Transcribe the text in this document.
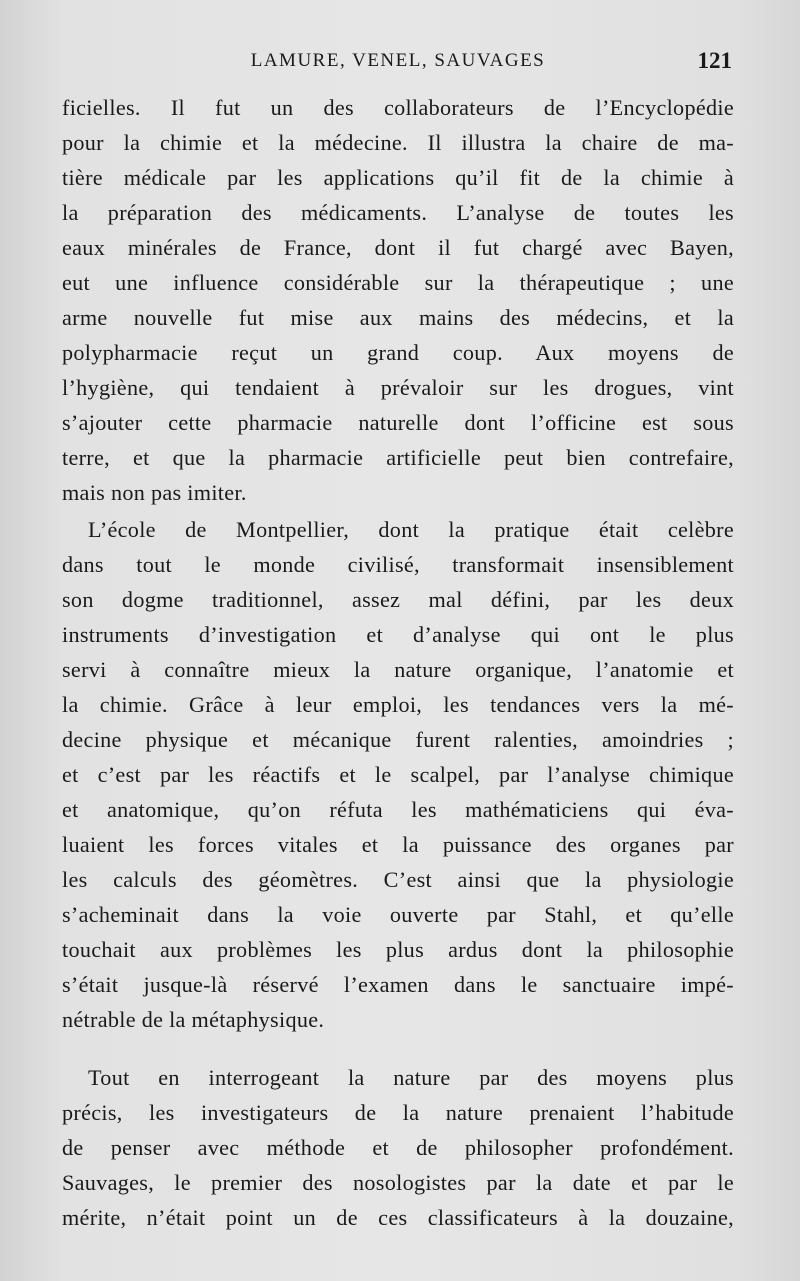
LAMURE, VENEL, SAUVAGES	121
ficielles. Il fut un des collaborateurs de l’Encyclopédie
pour la chimie et la médecine. Il illustra la chaire de ma-
tière médicale par les applications qu’il fit de la chimie à
la préparation des médicaments. L’analyse de toutes les
eaux minérales de France, dont il fut chargé avec Bayen,
eut une influence considérable sur la thérapeutique ; une
arme nouvelle fut mise aux mains des médecins, et la
polypharmacie reçut un grand coup. Aux moyens de
l’hygiène, qui tendaient à prévaloir sur les drogues, vint
s’ajouter cette pharmacie naturelle dont l’officine est sous
terre, et que la pharmacie artificielle peut bien contrefaire,
mais non pas imiter.
L’école de Montpellier, dont la pratique était celèbre
dans tout le monde civilisé, transformait insensiblement
son dogme traditionnel, assez mal défini, par les deux
instruments d’investigation et d’analyse qui ont le plus
servi à connaître mieux la nature organique, l’anatomie et
la chimie. Grâce à leur emploi, les tendances vers la mé-
decine physique et mécanique furent ralenties, amoindries ;
et c’est par les réactifs et le scalpel, par l’analyse chimique
et anatomique, qu’on réfuta les mathématiciens qui éva-
luaient les forces vitales et la puissance des organes par
les calculs des géomètres. C’est ainsi que la physiologie
s’acheminait dans la voie ouverte par Stahl, et qu’elle
touchait aux problèmes les plus ardus dont la philosophie
s’était jusque-là réservé l’examen dans le sanctuaire impé-
nétrable de la métaphysique.
Tout en interrogeant la nature par des moyens plus
précis, les investigateurs de la nature prenaient l’habitude
de penser avec méthode et de philosopher profondément.
Sauvages, le premier des nosologistes par la date et par le
mérite, n’était point un de ces classificateurs à la douzaine,
